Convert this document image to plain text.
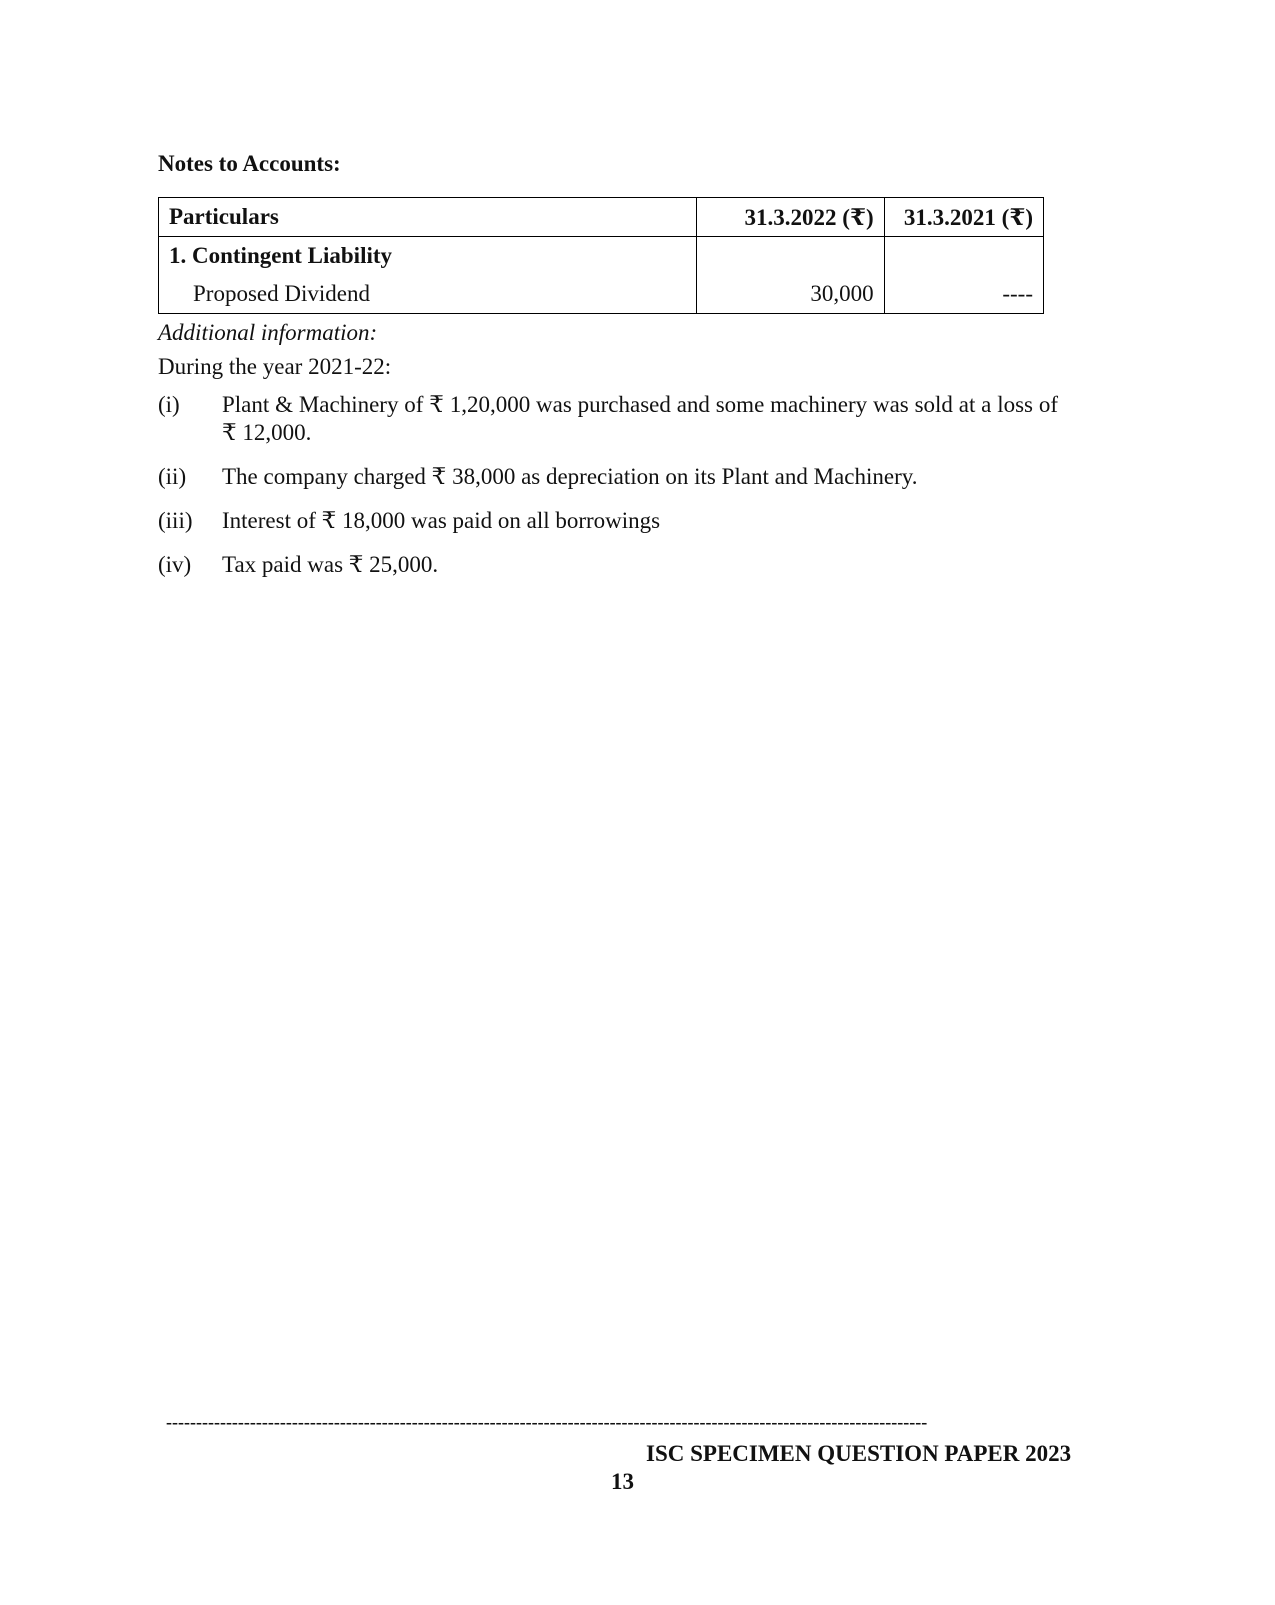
Notes to Accounts:
Particulars	31.3.2022 (₹)	31.3.2021 (₹)
1. Contingent Liability		
Proposed Dividend	30,000	----

Additional information:

During the year 2021-22:

(i)	Plant & Machinery of ₹ 1,20,000 was purchased and some machinery was sold at a loss of ₹ 12,000.
(ii)	The company charged ₹ 38,000 as depreciation on its Plant and Machinery.
(iii)	Interest of ₹ 18,000 was paid on all borrowings
(iv)	Tax paid was ₹ 25,000.
-------------------------------------------------------------------------------------------------------------------------------
ISC SPECIMEN QUESTION PAPER 2023
13
